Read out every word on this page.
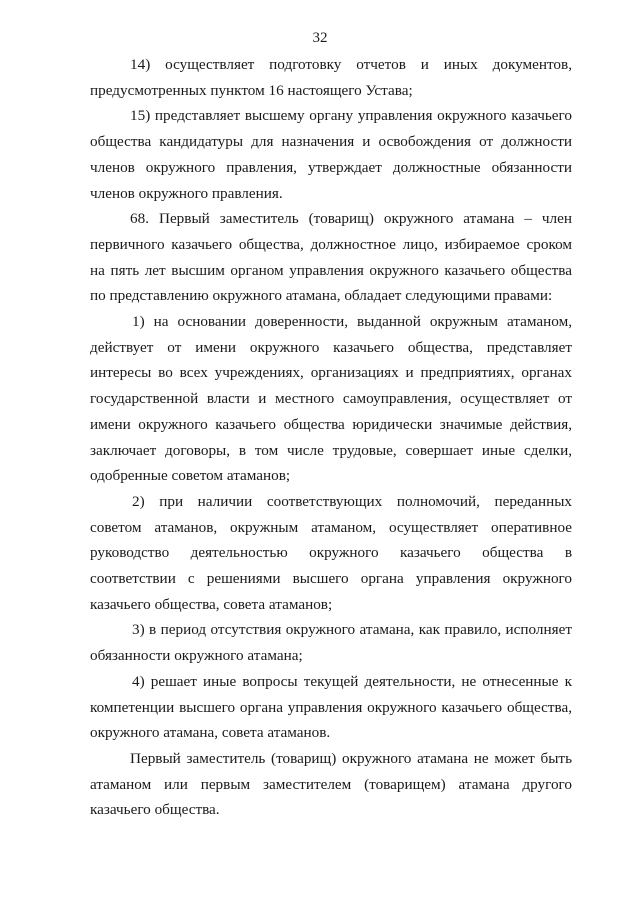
32

14) осуществляет подготовку отчетов и иных документов, предусмотренных пунктом 16 настоящего Устава;

15) представляет высшему органу управления окружного казачьего общества кандидатуры для назначения и освобождения от должности членов окружного правления, утверждает должностные обязанности членов окружного правления.

68. Первый заместитель (товарищ) окружного атамана – член первичного казачьего общества, должностное лицо, избираемое сроком на пять лет высшим органом управления окружного казачьего общества по представлению окружного атамана, обладает следующими правами:

1) на основании доверенности, выданной окружным атаманом, действует от имени окружного казачьего общества, представляет интересы во всех учреждениях, организациях и предприятиях, органах государственной власти и местного самоуправления, осуществляет от имени окружного казачьего общества юридически значимые действия, заключает договоры, в том числе трудовые, совершает иные сделки, одобренные советом атаманов;

2) при наличии соответствующих полномочий, переданных советом атаманов, окружным атаманом, осуществляет оперативное руководство деятельностью окружного казачьего общества в соответствии с решениями высшего органа управления окружного казачьего общества, совета атаманов;

3) в период отсутствия окружного атамана, как правило, исполняет обязанности окружного атамана;

4) решает иные вопросы текущей деятельности, не отнесенные к компетенции высшего органа управления окружного казачьего общества, окружного атамана, совета атаманов.

Первый заместитель (товарищ) окружного атамана не может быть атаманом или первым заместителем (товарищем) атамана другого казачьего общества.
